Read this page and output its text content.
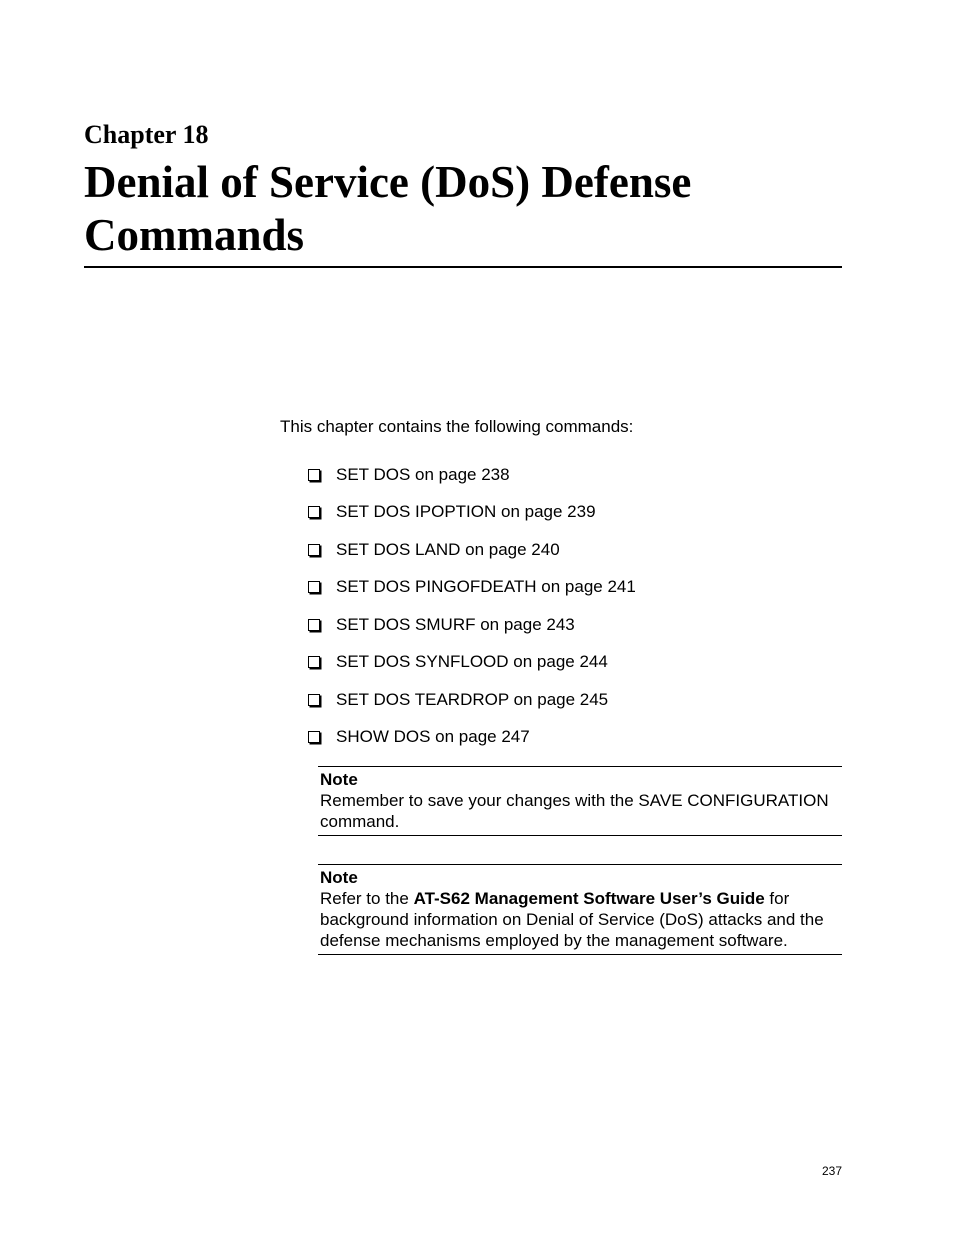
Chapter 18
Denial of Service (DoS) Defense Commands

This chapter contains the following commands:

SET DOS on page 238
SET DOS IPOPTION on page 239
SET DOS LAND on page 240
SET DOS PINGOFDEATH on page 241
SET DOS SMURF on page 243
SET DOS SYNFLOOD on page 244
SET DOS TEARDROP on page 245
SHOW DOS on page 247

Note

Remember to save your changes with the SAVE CONFIGURATION command.

Note

Refer to the AT-S62 Management Software User’s Guide for background information on Denial of Service (DoS) attacks and the defense mechanisms employed by the management software.

237
